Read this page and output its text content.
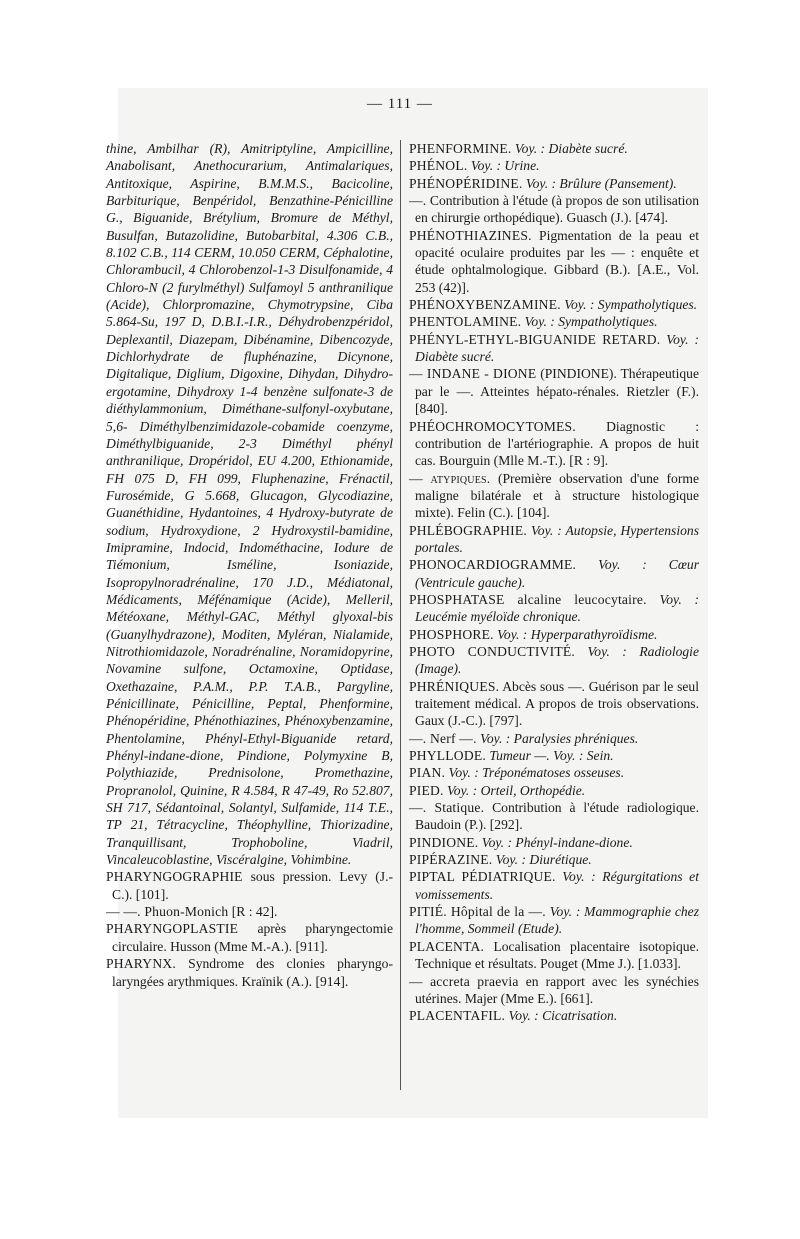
— 111 —

thine, Ambilhar (R), Amitriptyline, Ampicilline, Anabolisant, Anethocurarium, Antimalariques, Antitoxique, Aspirine, B.M.M.S., Bacicoline, Barbiturique, Benpéridol, Benzathine-Pénicilline G., Biguanide, Brétylium, Bromure de Méthyl, Busulfan, Butazolidine, Butobarbital, 4.306 C.B., 8.102 C.B., 114 CERM, 10.050 CERM, Céphalotine, Chlorambucil, 4 Chlorobenzol-1-3 Disulfonamide, 4 Chloro-N (2 furylméthyl) Sulfamoyl 5 anthranilique (Acide), Chlorpromazine, Chymotrypsine, Ciba 5.864-Su, 197 D, D.B.I.-I.R., Déhydrobenzpéridol, Deplexantil, Diazepam, Dibénamine, Dibencozyde, Dichlorhydrate de fluphénazine, Dicynone, Digitalique, Diglium, Digoxine, Dihydan, Dihydro-ergotamine, Dihydroxy 1-4 benzène sulfonate-3 de diéthylammonium, Diméthane-sulfonyl-oxybutane, 5,6- Diméthylbenzimidazole-cobamide coenzyme, Diméthylbiguanide, 2-3 Diméthyl phényl anthranilique, Dropéridol, EU 4.200, Ethionamide, FH 075 D, FH 099, Fluphenazine, Frénactil, Furosémide, G 5.668, Glucagon, Glycodiazine, Guanéthidine, Hydantoines, 4 Hydroxy-butyrate de sodium, Hydroxydione, 2 Hydroxystil-bamidine, Imipramine, Indocid, Indométhacine, Iodure de Tiémonium, Isméline, Isoniazide, Isopropylnoradrénaline, 170 J.D., Médiatonal, Médicaments, Méfénamique (Acide), Melleril, Météoxane, Méthyl-GAC, Méthyl glyoxal-bis (Guanylhydrazone), Moditen, Myléran, Nialamide, Nitrothiomidazole, Noradrénaline, Noramidopyrine, Novamine sulfone, Octamoxine, Optidase, Oxethazaine, P.A.M., P.P. T.A.B., Pargyline, Pénicillinate, Pénicilline, Peptal, Phenformine, Phénopéridine, Phénothiazines, Phénoxybenzamine, Phentolamine, Phényl-Ethyl-Biguanide retard, Phényl-indane-dione, Pindione, Polymyxine B, Polythiazide, Prednisolone, Promethazine, Propranolol, Quinine, R 4.584, R 47-49, Ro 52.807, SH 717, Sédantoinal, Solantyl, Sulfamide, 114 T.E., TP 21, Tétracycline, Théophylline, Thiorizadine, Tranquillisant, Trophoboline, Viadril, Vincaleucoblastine, Viscéralgine, Vohimbine.

PHARYNGOGRAPHIE sous pression. Levy (J.-C.). [101].

— —. Phuon-Monich [R : 42].

PHARYNGOPLASTIE après pharyngectomie circulaire. Husson (Mme M.-A.). [911].

PHARYNX. Syndrome des clonies pharyngo-laryngées arythmiques. Kraïnik (A.). [914].

PHENFORMINE. Voy. : Diabète sucré.

PHÉNOL. Voy. : Urine.

PHÉNOPÉRIDINE. Voy. : Brûlure (Pansement).

—. Contribution à l'étude (à propos de son utilisation en chirurgie orthopédique). Guasch (J.). [474].

PHÉNOTHIAZINES. Pigmentation de la peau et opacité oculaire produites par les — : enquête et étude ophtalmologique. Gibbard (B.). [A.E., Vol. 253 (42)].

PHÉNOXYBENZAMINE. Voy. : Sympatholytiques.

PHENTOLAMINE. Voy. : Sympatholytiques.

PHÉNYL-ETHYL-BIGUANIDE RETARD. Voy. : Diabète sucré.

— INDANE - DIONE (PINDIONE). Thérapeutique par le —. Atteintes hépato-rénales. Rietzler (F.). [840].

PHÉOCHROMOCYTOMES. Diagnostic : contribution de l'artériographie. A propos de huit cas. Bourguin (Mlle M.-T.). [R : 9].

— atypiques. (Première observation d'une forme maligne bilatérale et à structure histologique mixte). Felin (C.). [104].

PHLÉBOGRAPHIE. Voy. : Autopsie, Hypertensions portales.

PHONOCARDIOGRAMME. Voy. : Cœur (Ventricule gauche).

PHOSPHATASE alcaline leucocytaire. Voy. : Leucémie myéloïde chronique.

PHOSPHORE. Voy. : Hyperparathyroïdisme.

PHOTO CONDUCTIVITÉ. Voy. : Radiologie (Image).

PHRÉNIQUES. Abcès sous —. Guérison par le seul traitement médical. A propos de trois observations. Gaux (J.-C.). [797].

—. Nerf —. Voy. : Paralysies phréniques.

PHYLLODE. Tumeur —. Voy. : Sein.

PIAN. Voy. : Tréponématoses osseuses.

PIED. Voy. : Orteil, Orthopédie.

—. Statique. Contribution à l'étude radiologique. Baudoin (P.). [292].

PINDIONE. Voy. : Phényl-indane-dione.

PIPÉRAZINE. Voy. : Diurétique.

PIPTAL PÉDIATRIQUE. Voy. : Régurgitations et vomissements.

PITIÉ. Hôpital de la —. Voy. : Mammographie chez l'homme, Sommeil (Etude).

PLACENTA. Localisation placentaire isotopique. Technique et résultats. Pouget (Mme J.). [1.033].

— accreta praevia en rapport avec les synéchies utérines. Majer (Mme E.). [661].

PLACENTAFIL. Voy. : Cicatrisation.
